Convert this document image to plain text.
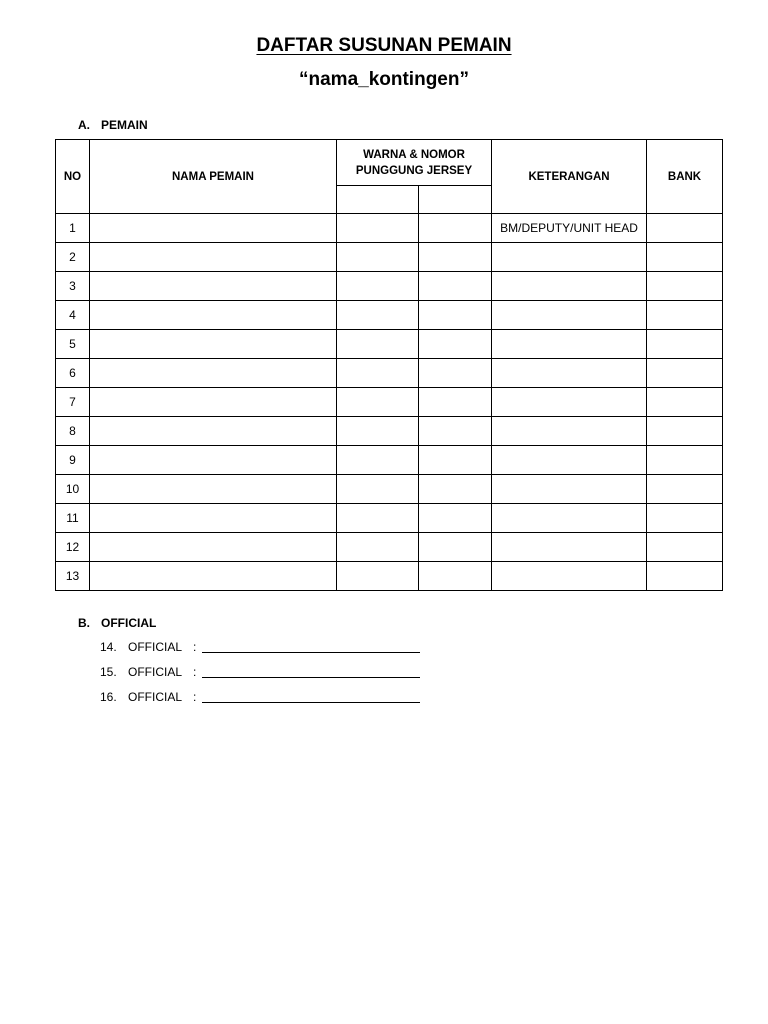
DAFTAR SUSUNAN PEMAIN
“nama_kontingen”
A. PEMAIN
NO	NAMA PEMAIN	WARNA & NOMOR PUNGGUNG JERSEY		KETERANGAN	BANK

1				BM/DEPUTY/UNIT HEAD	
2					
3					
4					
5					
6					
7					
8					
9					
10					
11					
12					
13					
B. OFFICIAL
14. OFFICIAL :
15. OFFICIAL :
16. OFFICIAL :
